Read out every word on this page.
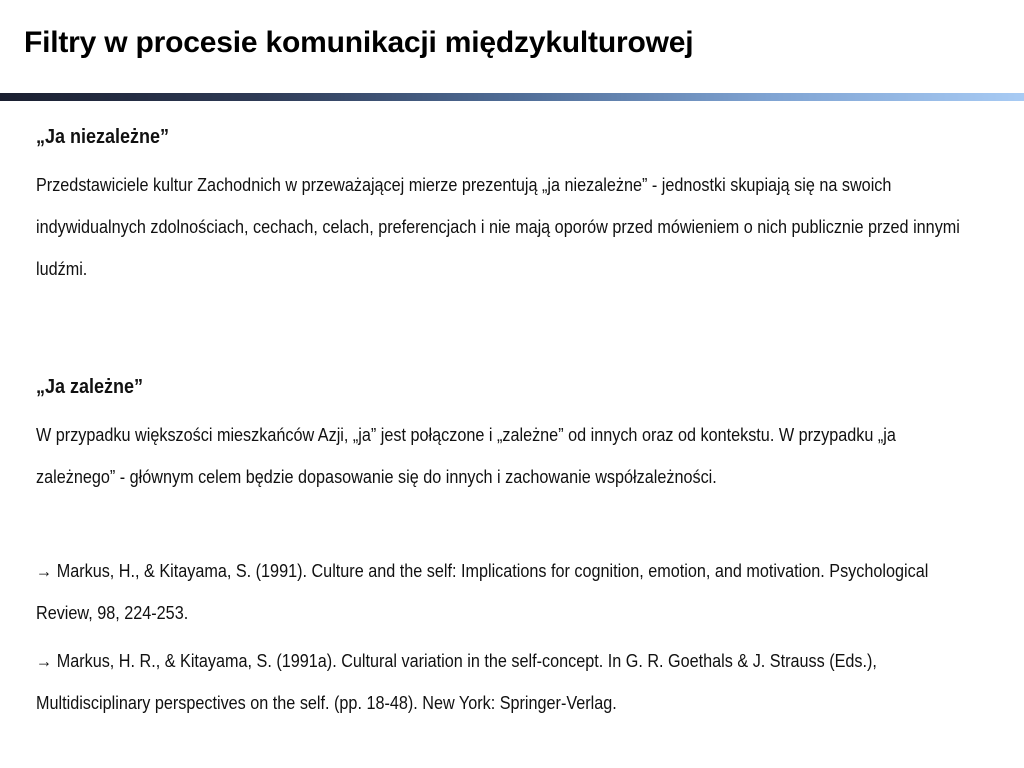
Filtry w procesie komunikacji międzykulturowej

„Ja niezależne”

Przedstawiciele kultur Zachodnich w przeważającej mierze prezentują „ja niezależne” - jednostki skupiają się na swoich indywidualnych zdolnościach, cechach, celach, preferencjach i nie mają oporów przed mówieniem o nich publicznie przed innymi ludźmi.

„Ja zależne”

W przypadku większości mieszkańców Azji, „ja” jest połączone i „zależne” od innych oraz od kontekstu. W przypadku „ja zależnego” - głównym celem będzie dopasowanie się do innych i zachowanie współzależności.

→ Markus, H., & Kitayama, S. (1991). Culture and the self: Implications for cognition, emotion, and motivation. Psychological Review, 98, 224-253.

→ Markus, H. R., & Kitayama, S. (1991a). Cultural variation in the self-concept. In G. R. Goethals & J. Strauss (Eds.), Multidisciplinary perspectives on the self. (pp. 18-48). New York: Springer-Verlag.
